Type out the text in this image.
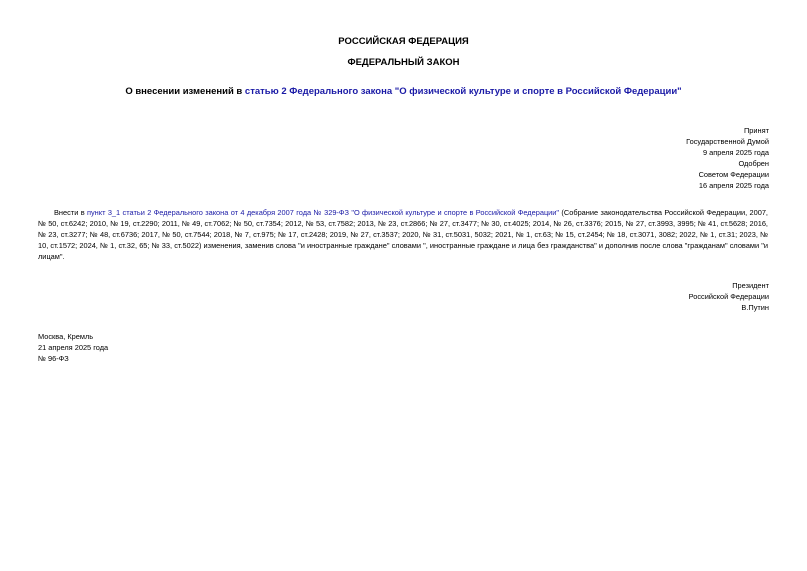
РОССИЙСКАЯ ФЕДЕРАЦИЯ
ФЕДЕРАЛЬНЫЙ ЗАКОН
О внесении изменений в статью 2 Федерального закона "О физической культуре и спорте в Российской Федерации"
Принят
Государственной Думой
9 апреля 2025 года
Одобрен
Советом Федерации
16 апреля 2025 года
Внести в пункт 3_1 статьи 2 Федерального закона от 4 декабря 2007 года № 329-ФЗ "О физической культуре и спорте в Российской Федерации" (Собрание законодательства Российской Федерации, 2007, № 50, ст.6242; 2010, № 19, ст.2290; 2011, № 49, ст.7062; № 50, ст.7354; 2012, № 53, ст.7582; 2013, № 23, ст.2866; № 27, ст.3477; № 30, ст.4025; 2014, № 26, ст.3376; 2015, № 27, ст.3993, 3995; № 41, ст.5628; 2016, № 23, ст.3277; № 48, ст.6736; 2017, № 50, ст.7544; 2018, № 7, ст.975; № 17, ст.2428; 2019, № 27, ст.3537; 2020, № 31, ст.5031, 5032; 2021, № 1, ст.63; № 15, ст.2454; № 18, ст.3071, 3082; 2022, № 1, ст.31; 2023, № 10, ст.1572; 2024, № 1, ст.32, 65; № 33, ст.5022) изменения, заменив слова "и иностранные граждане" словами ", иностранные граждане и лица без гражданства" и дополнив после слова "гражданам" словами "и лицам".
Президент
Российской Федерации
В.Путин
Москва, Кремль
21 апреля 2025 года
№ 96-ФЗ
